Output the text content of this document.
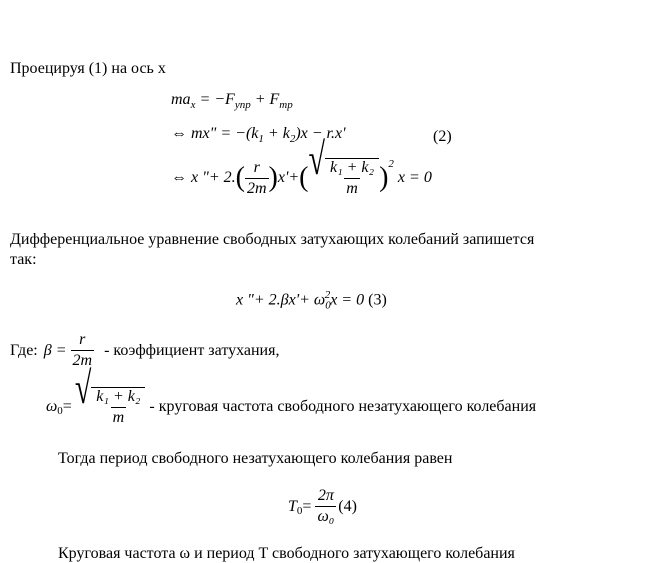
Проецируя (1) на ось x
$ma_x = -F_{упр} + F_{тр}$
⇔ mx" = $-(k_1 + k_2)x - r.x'$	(2)
⇔ x "+ 2. ( $\frac{r}{2m}$ ) x'+ ( √ $\frac{\text{k₁ + k₂}}{m} )^2$
x = 0
Дифференциальное уравнение свободных затухающих колебаний запишется
так:
x "+ $2.\beta x'+ \omega_0^2x = 0$ (3)
Где: $\beta = \frac{r}{2m}$ - коэффициент затухания,
$\omega_0$ = √ $\frac{\text{k₁ + k₂}}{m}$ - круговая частота свободного незатухающего колебания
Тогда период свободного незатухающего колебания равен
$T_0 = \frac{2\pi}{\text{ω₀}} (4)$
Круговая частота ω и период T свободного затухающего колебания
